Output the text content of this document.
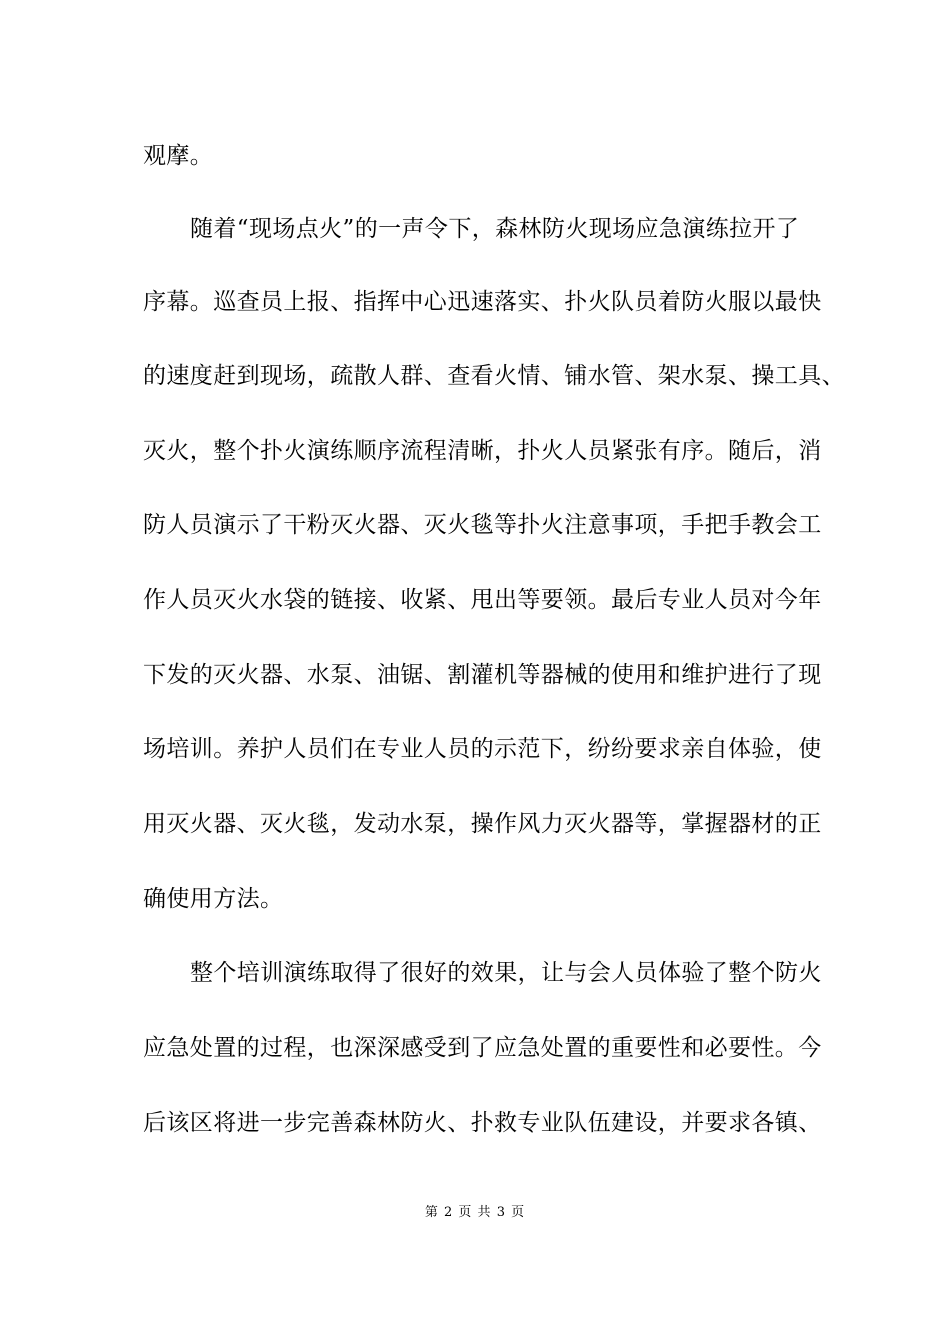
观摩。
随着“现场点火”的一声令下，森林防火现场应急演练拉开了
序幕。巡查员上报、指挥中心迅速落实、扑火队员着防火服以最快
的速度赶到现场，疏散人群、查看火情、铺水管、架水泵、操工具、
灭火，整个扑火演练顺序流程清晰，扑火人员紧张有序。随后，消
防人员演示了干粉灭火器、灭火毯等扑火注意事项，手把手教会工
作人员灭火水袋的链接、收紧、甩出等要领。最后专业人员对今年
下发的灭火器、水泵、油锯、割灌机等器械的使用和维护进行了现
场培训。养护人员们在专业人员的示范下，纷纷要求亲自体验，使
用灭火器、灭火毯，发动水泵，操作风力灭火器等，掌握器材的正
确使用方法。
整个培训演练取得了很好的效果，让与会人员体验了整个防火
应急处置的过程，也深深感受到了应急处置的重要性和必要性。今
后该区将进一步完善森林防火、扑救专业队伍建设，并要求各镇、
第 2 页 共 3 页
